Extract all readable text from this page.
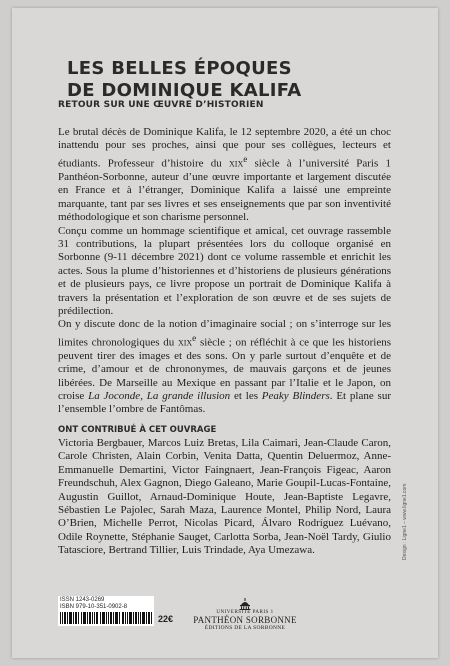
LES BELLES ÉPOQUES
DE DOMINIQUE KALIFA
RETOUR SUR UNE ŒUVRE D’HISTORIEN

Le brutal décès de Dominique Kalifa, le 12 septembre 2020, a été un choc inattendu pour ses proches, ainsi que pour ses collègues, lecteurs et étudiants. Professeur d’histoire du xix$^e$ siècle à l’université Paris 1 Panthéon-Sorbonne, auteur d’une œuvre importante et largement discutée en France et à l’étranger, Dominique Kalifa a laissé une empreinte marquante, tant par ses livres et ses enseignements que par son inventivité méthodologique et son charisme personnel.

Conçu comme un hommage scientifique et amical, cet ouvrage rassemble 31 contributions, la plupart présentées lors du colloque organisé en Sorbonne (9-11 décembre 2021) dont ce volume rassemble et enrichit les actes. Sous la plume d’historiennes et d’historiens de plusieurs générations et de plusieurs pays, ce livre propose un portrait de Dominique Kalifa à travers la présentation et l’exploration de son œuvre et de ses sujets de prédilection.

On y discute donc de la notion d’imaginaire social ; on s’interroge sur les limites chronologiques du xix$^e$ siècle ; on réfléchit à ce que les historiens peuvent tirer des images et des sons. On y parle surtout d’enquête et de crime, d’amour et de chrononymes, de mauvais garçons et de jeunes libérées. De Marseille au Mexique en passant par l’Italie et le Japon, on croise La Joconde, La grande illusion et les Peaky Blinders. Et plane sur l’ensemble l’ombre de Fantômas.

ONT CONTRIBUÉ À CET OUVRAGE
Victoria Bergbauer, Marcos Luiz Bretas, Lila Caimari, Jean-Claude Caron, Carole Christen, Alain Corbin, Venita Datta, Quentin Deluermoz, Anne-Emmanuelle Demartini, Victor Faingnaert, Jean-François Figeac, Aaron Freundschuh, Alex Gagnon, Diego Galeano, Marie Goupil-Lucas-Fontaine, Augustin Guillot, Arnaud-Dominique Houte, Jean-Baptiste Legavre, Sébastien Le Pajolec, Sarah Maza, Laurence Montel, Philip Nord, Laura O’Brien, Michelle Perrot, Nicolas Picard, Álvaro Rodríguez Luévano, Odile Roynette, Stéphanie Sauget, Carlotta Sorba, Jean-Noël Tardy, Giulio Tatasciore, Bertrand Tillier, Luis Trindade, Aya Umezawa.
ISSN 1243-0269
ISBN 979-10-351-0902-8
22€
UNIVERSITÉ PARIS 1
PANTHÉON SORBONNE
ÉDITIONS DE LA SORBONNE
Design : Ligne1 – www.ligne1.com
